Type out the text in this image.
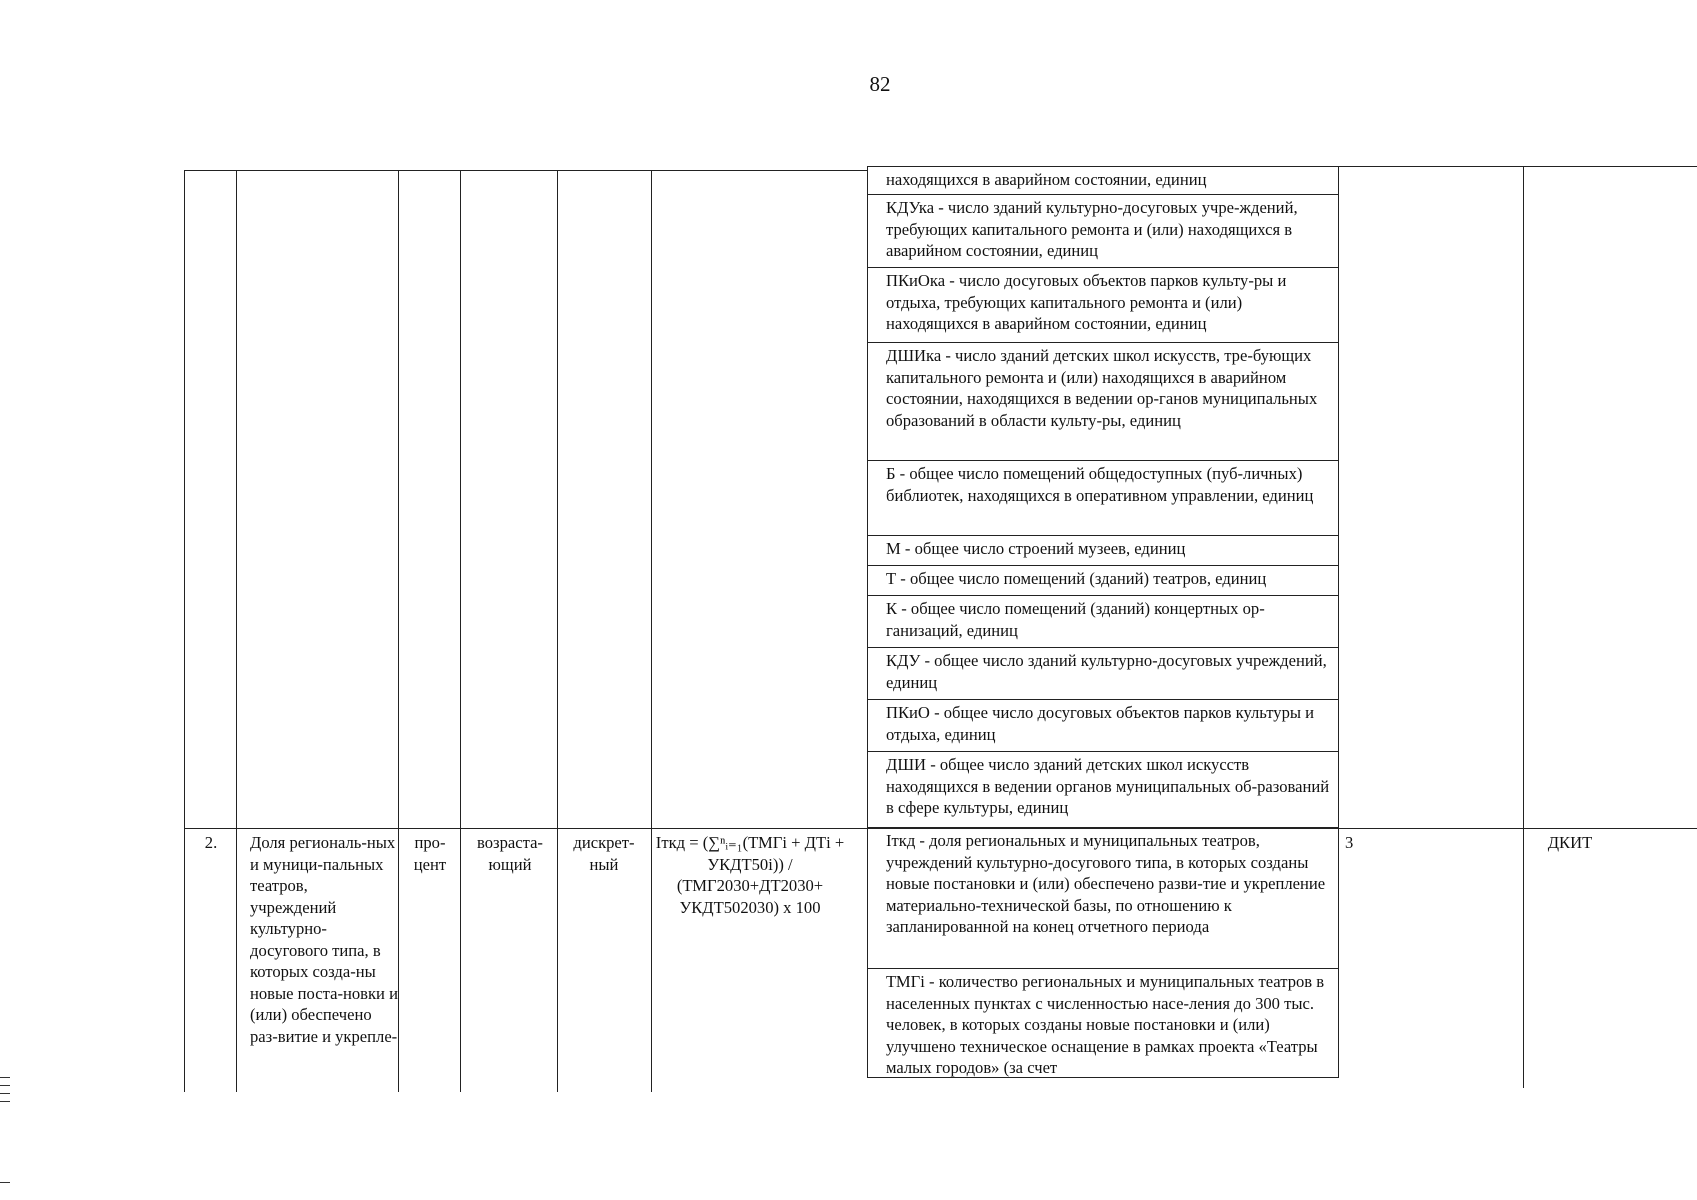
82
находящихся в аварийном состоянии, единиц
КДУка - число зданий культурно-досуговых учре-ждений, требующих капитального ремонта и (или) находящихся в аварийном состоянии, единиц
ПКиОка - число досуговых объектов парков культу-ры и отдыха, требующих капитального ремонта и (или) находящихся в аварийном состоянии, единиц
ДШИка - число зданий детских школ искусств, тре-бующих капитального ремонта и (или) находящихся в аварийном состоянии, находящихся в ведении ор-ганов муниципальных образований в области культу-ры, единиц
Б - общее число помещений общедоступных (пуб-личных) библиотек, находящихся в оперативном управлении, единиц
М - общее число строений музеев, единиц
Т - общее число помещений (зданий) театров, единиц
К - общее число помещений (зданий) концертных ор-ганизаций, единиц
КДУ - общее число зданий культурно-досуговых учреждений, единиц
ПКиО - общее число досуговых объектов парков культуры и отдыха, единиц
ДШИ - общее число зданий детских школ искусств находящихся в ведении органов муниципальных об-разований в сфере культуры, единиц
2.	Доля региональ-ных и муници-пальных театров, учреждений культурно-досугового типа, в которых созда-ны новые поста-новки и (или) обеспечено раз-витие и укрепле-
про-цент
возраста-ющий
дискрет-ный
Iткд = (∑ⁿᵢ₌₁(ТМГi + ДТi + УКДТ50i)) / (ТМГ2030+ДТ2030+ УКДТ502030) x 100
Iткд - доля региональных и муниципальных театров, учреждений культурно-досугового типа, в которых созданы новые постановки и (или) обеспечено разви-тие и укрепление материально-технической базы, по отношению к запланированной на конец отчетного периода
ТМГi - количество региональных и муниципальных театров в населенных пунктах с численностью насе-ления до 300 тыс. человек, в которых созданы новые постановки и (или) улучшено техническое оснащение в рамках проекта «Театры малых городов» (за счет
3	ДКИТ
